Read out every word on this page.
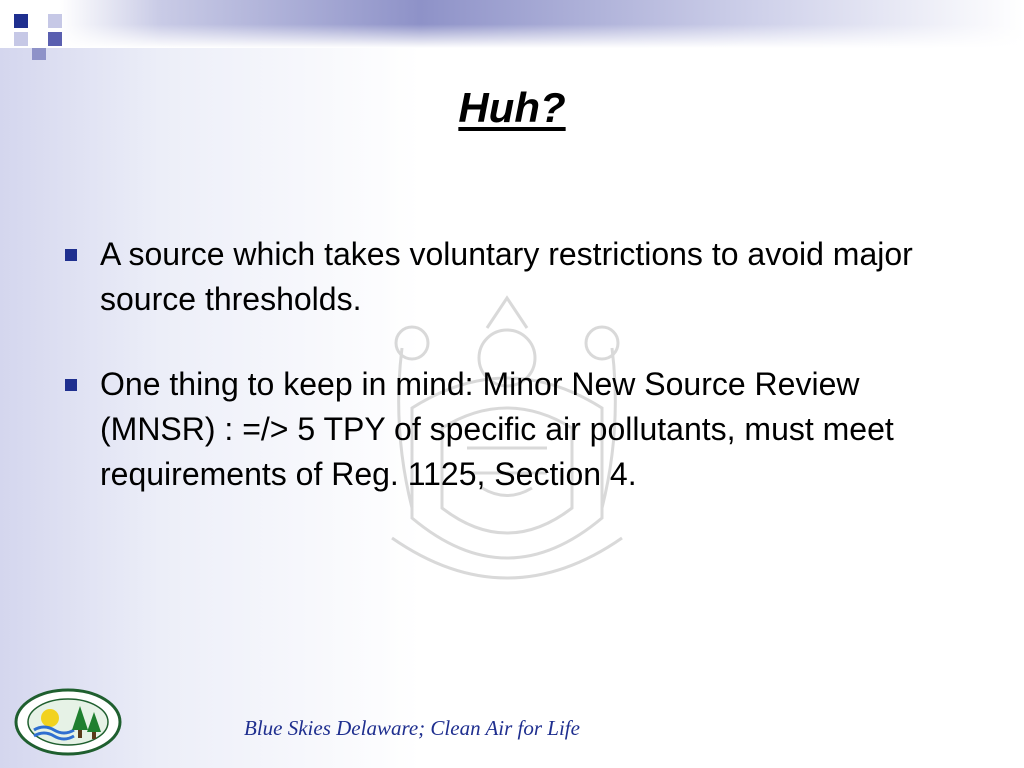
Huh?
A source which takes voluntary restrictions to avoid major source thresholds.
One thing to keep in mind: Minor New Source Review (MNSR) : =/> 5 TPY of specific air pollutants, must meet requirements of Reg. 1125, Section 4.
Blue Skies Delaware; Clean Air for Life
